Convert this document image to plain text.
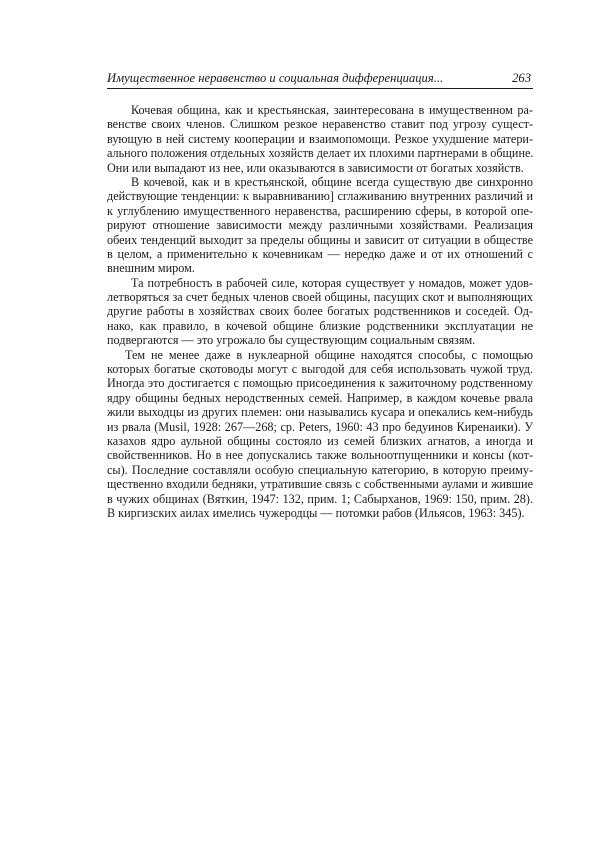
Имущественное неравенство и социальная дифференциация...	263
Кочевая община, как и крестьянская, заинтересована в имущественном ра-
венстве своих членов. Слишком резкое неравенство ставит под угрозу сущест-
вующую в ней систему кооперации и взаимопомощи. Резкое ухудшение матери-
ального положения отдельных хозяйств делает их плохими партнерами в общине.
Они или выпадают из нее, или оказываются в зависимости от богатых хозяйств.
В кочевой, как и в крестьянской, общине всегда существую две синхронно
действующие тенденции: к выравниванию] сглаживанию внутренних различий и
к углублению имущественного неравенства, расширению сферы, в которой опе-
рируют отношение зависимости между различными хозяйствами. Реализация
обеих тенденций выходит за пределы общины и зависит от ситуации в обществе
в целом, а применительно к кочевникам — нередко даже и от их отношений с
внешним миром.
Та потребность в рабочей силе, которая существует у номадов, может удов-
летворяться за счет бедных членов своей общины, пасущих скот и выполняющих
другие работы в хозяйствах своих более богатых родственников и соседей. Од-
нако, как правило, в кочевой общине близкие родственники эксплуатации не
подвергаются — это угрожало бы существующим социальным связям.
Тем не менее даже в нуклеарной общине находятся способы, с помощью
которых богатые скотоводы могут с выгодой для себя использовать чужой труд.
Иногда это достигается с помощью присоединения к зажиточному родственному
ядру общины бедных неродственных семей. Например, в каждом кочевье рвала
жили выходцы из других племен: они назывались кусара и опекались кем-нибудь
из рвала (Musil, 1928: 267—268; ср. Peters, 1960: 43 про бедуинов Киренаики). У
казахов ядро аульной общины состояло из семей близких агнатов, а иногда и
свойственников. Но в нее допускались также вольноотпущенники и консы (кот-
сы). Последние составляли особую специальную категорию, в которую преиму-
щественно входили бедняки, утратившие связь с собственными аулами и жившие
в чужих общинах (Вяткин, 1947: 132, прим. 1; Сабырханов, 1969: 150, прим. 28).
В киргизских аилах имелись чужеродцы — потомки рабов (Ильясов, 1963: 345).
